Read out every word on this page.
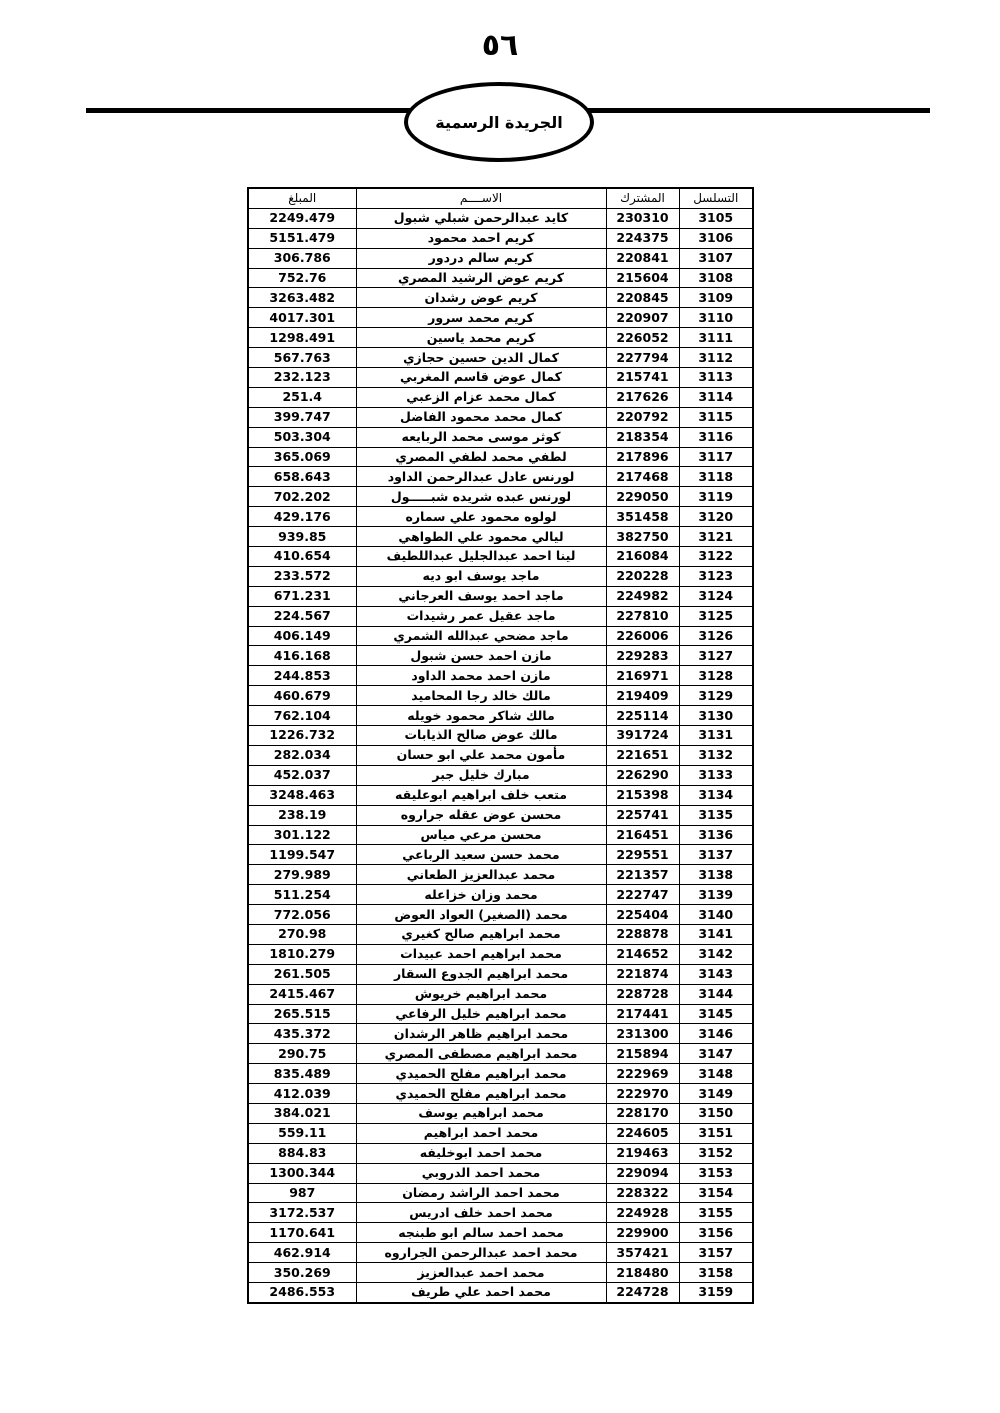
٥٦
الجريدة الرسمية
المبلغ	الاســــم	المشترك	التسلسل
2249.479	كايد عبدالرحمن شبلي شبول	230310	3105
5151.479	كريم احمد محمود	224375	3106
306.786	كريم سالم دردور	220841	3107
752.76	كريم عوض الرشيد المصري	215604	3108
3263.482	كريم عوض رشدان	220845	3109
4017.301	كريم محمد سرور	220907	3110
1298.491	كريم محمد ياسين	226052	3111
567.763	كمال الدين حسين حجازي	227794	3112
232.123	كمال عوض قاسم المغربي	215741	3113
251.4	كمال محمد عزام الزعبي	217626	3114
399.747	كمال محمد محمود الفاضل	220792	3115
503.304	كوثر موسى محمد الربايعه	218354	3116
365.069	لطفي محمد لطفي المصري	217896	3117
658.643	لورنس عادل عبدالرحمن الداود	217468	3118
702.202	لورنس عبده شريده شبـــــول	229050	3119
429.176	لولوه محمود علي سماره	351458	3120
939.85	ليالي محمود علي الطواهي	382750	3121
410.654	لينا احمد عبدالجليل عبداللطيف	216084	3122
233.572	ماجد يوسف ابو ديه	220228	3123
671.231	ماجد احمد يوسف العرجاني	224982	3124
224.567	ماجد عقيل عمر رشيدات	227810	3125
406.149	ماجد مضحي عبدالله الشمري	226006	3126
416.168	مازن احمد حسن شبول	229283	3127
244.853	مازن احمد محمد الداود	216971	3128
460.679	مالك خالد رجا المحاميد	219409	3129
762.104	مالك شاكر محمود خويله	225114	3130
1226.732	مالك عوض صالح الذيابات	391724	3131
282.034	مأمون محمد علي ابو حسان	221651	3132
452.037	مبارك خليل جبر	226290	3133
3248.463	متعب خلف ابراهيم ابوعليقه	215398	3134
238.19	محسن عوض عقله جراروه	225741	3135
301.122	محسن مرعي مياس	216451	3136
1199.547	محمد حسن سعيد الرباعي	229551	3137
279.989	محمد عبدالعزيز الطعاني	221357	3138
511.254	محمد وزان خزاعله	222747	3139
772.056	محمد (الصغير) العواد العوض	225404	3140
270.98	محمد ابراهيم صالح كغيري	228878	3141
1810.279	محمد ابراهيم احمد عبيدات	214652	3142
261.505	محمد ابراهيم الجدوع السقار	221874	3143
2415.467	محمد ابراهيم خريوش	228728	3144
265.515	محمد ابراهيم خليل الرفاعي	217441	3145
435.372	محمد ابراهيم ظاهر الرشدان	231300	3146
290.75	محمد ابراهيم مصطفى المصري	215894	3147
835.489	محمد ابراهيم مفلح الحميدي	222969	3148
412.039	محمد ابراهيم مفلح الحميدي	222970	3149
384.021	محمد ابراهيم يوسف	228170	3150
559.11	محمد احمد ابراهيم	224605	3151
884.83	محمد احمد ابوخليفه	219463	3152
1300.344	محمد احمد الدروبي	229094	3153
987	محمد احمد الراشد رمضان	228322	3154
3172.537	محمد احمد خلف ادريس	224928	3155
1170.641	محمد احمد سالم ابو طبنجه	229900	3156
462.914	محمد احمد عبدالرحمن الجراروه	357421	3157
350.269	محمد احمد عبدالعزيز	218480	3158
2486.553	محمد احمد علي طريف	224728	3159
